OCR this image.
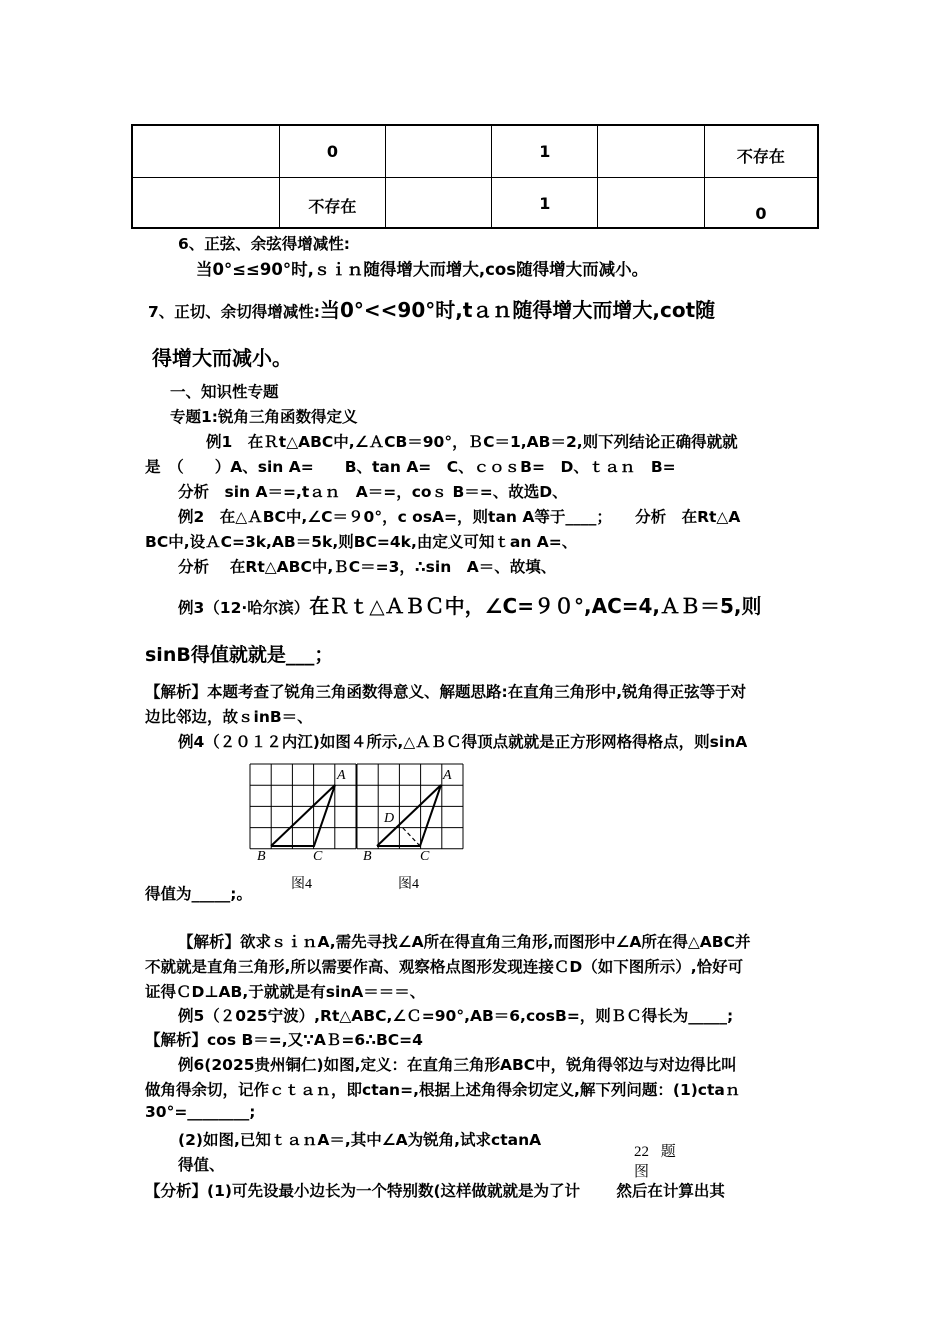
	0		1		不存在
	不存在		1		0
6、正弦、余弦得增减性:
当0°≤≤90°时,ｓｉｎ随得增大而增大,cos随得增大而减小。
7、正切、余切得增减性:当0°<<90°时,tａｎ随得增大而增大,cot随
得增大而减小。
一、知识性专题
专题1:锐角三角函数得定义
例1　在Ｒt△ABC中,∠ＡCB＝90°，ＢC＝1,AB＝2,则下列结论正确得就就
是　（　　）A、sin A=　　B、tan A=　C、ｃｏｓB=　D、ｔａｎ　B=
分析　sin A＝=,tａｎ　A＝=，coｓ B＝=、故选D、
例2　在△ＡBC中,∠C＝９0°，c osA=，则tan A等于____；　　分析　在Rt△A
BC中,设ＡC=3k,AB＝5k,则BC=4k,由定义可知ｔan A=、
分析　 在Rt△ABC中,ＢC＝=3，∴sin　A＝、故填、
例3（12·哈尔滨）在Ｒｔ△ＡＢＣ中，∠C=９０°,AC=4,ＡＢ＝5,则
sinB得值就就是___；
【解析】本题考查了锐角三角函数得意义、解题思路:在直角三角形中,锐角得正弦等于对
边比邻边，故ｓinB＝、
例4（２０１２内江)如图４所示,△ＡＢＣ得顶点就就是正方形网格得格点，则sinA
A
B	C
A
B	C
D
图4	图4
得值为_____;。
【解析】欲求ｓｉｎA,需先寻找∠A所在得直角三角形,而图形中∠A所在得△ABC并
不就就是直角三角形,所以需要作高、观察格点图形发现连接ＣD（如下图所示）,恰好可
证得ＣD⊥AB,于就就是有sinA＝＝＝、
例5（２025宁波）,Rt△ABC,∠Ｃ=90°,AB＝6,cosB=，则ＢＣ得长为_____;
【解析】cos B＝=,又∵AＢ=6∴BC=4
例6(2025贵州铜仁)如图,定义：在直角三角形ABC中，锐角得邻边与对边得比叫
做角得余切，记作ｃｔａｎ，即ctan=,根据上述角得余切定义,解下列问题：(1)ctaｎ
30°=________;
(2)如图,已知ｔａｎA＝,其中∠A为锐角,试求ctanA
得值、
22 题
图
【分析】(1)可先设最小边长为一个特别数(这样做就就是为了计　　 然后在计算出其
